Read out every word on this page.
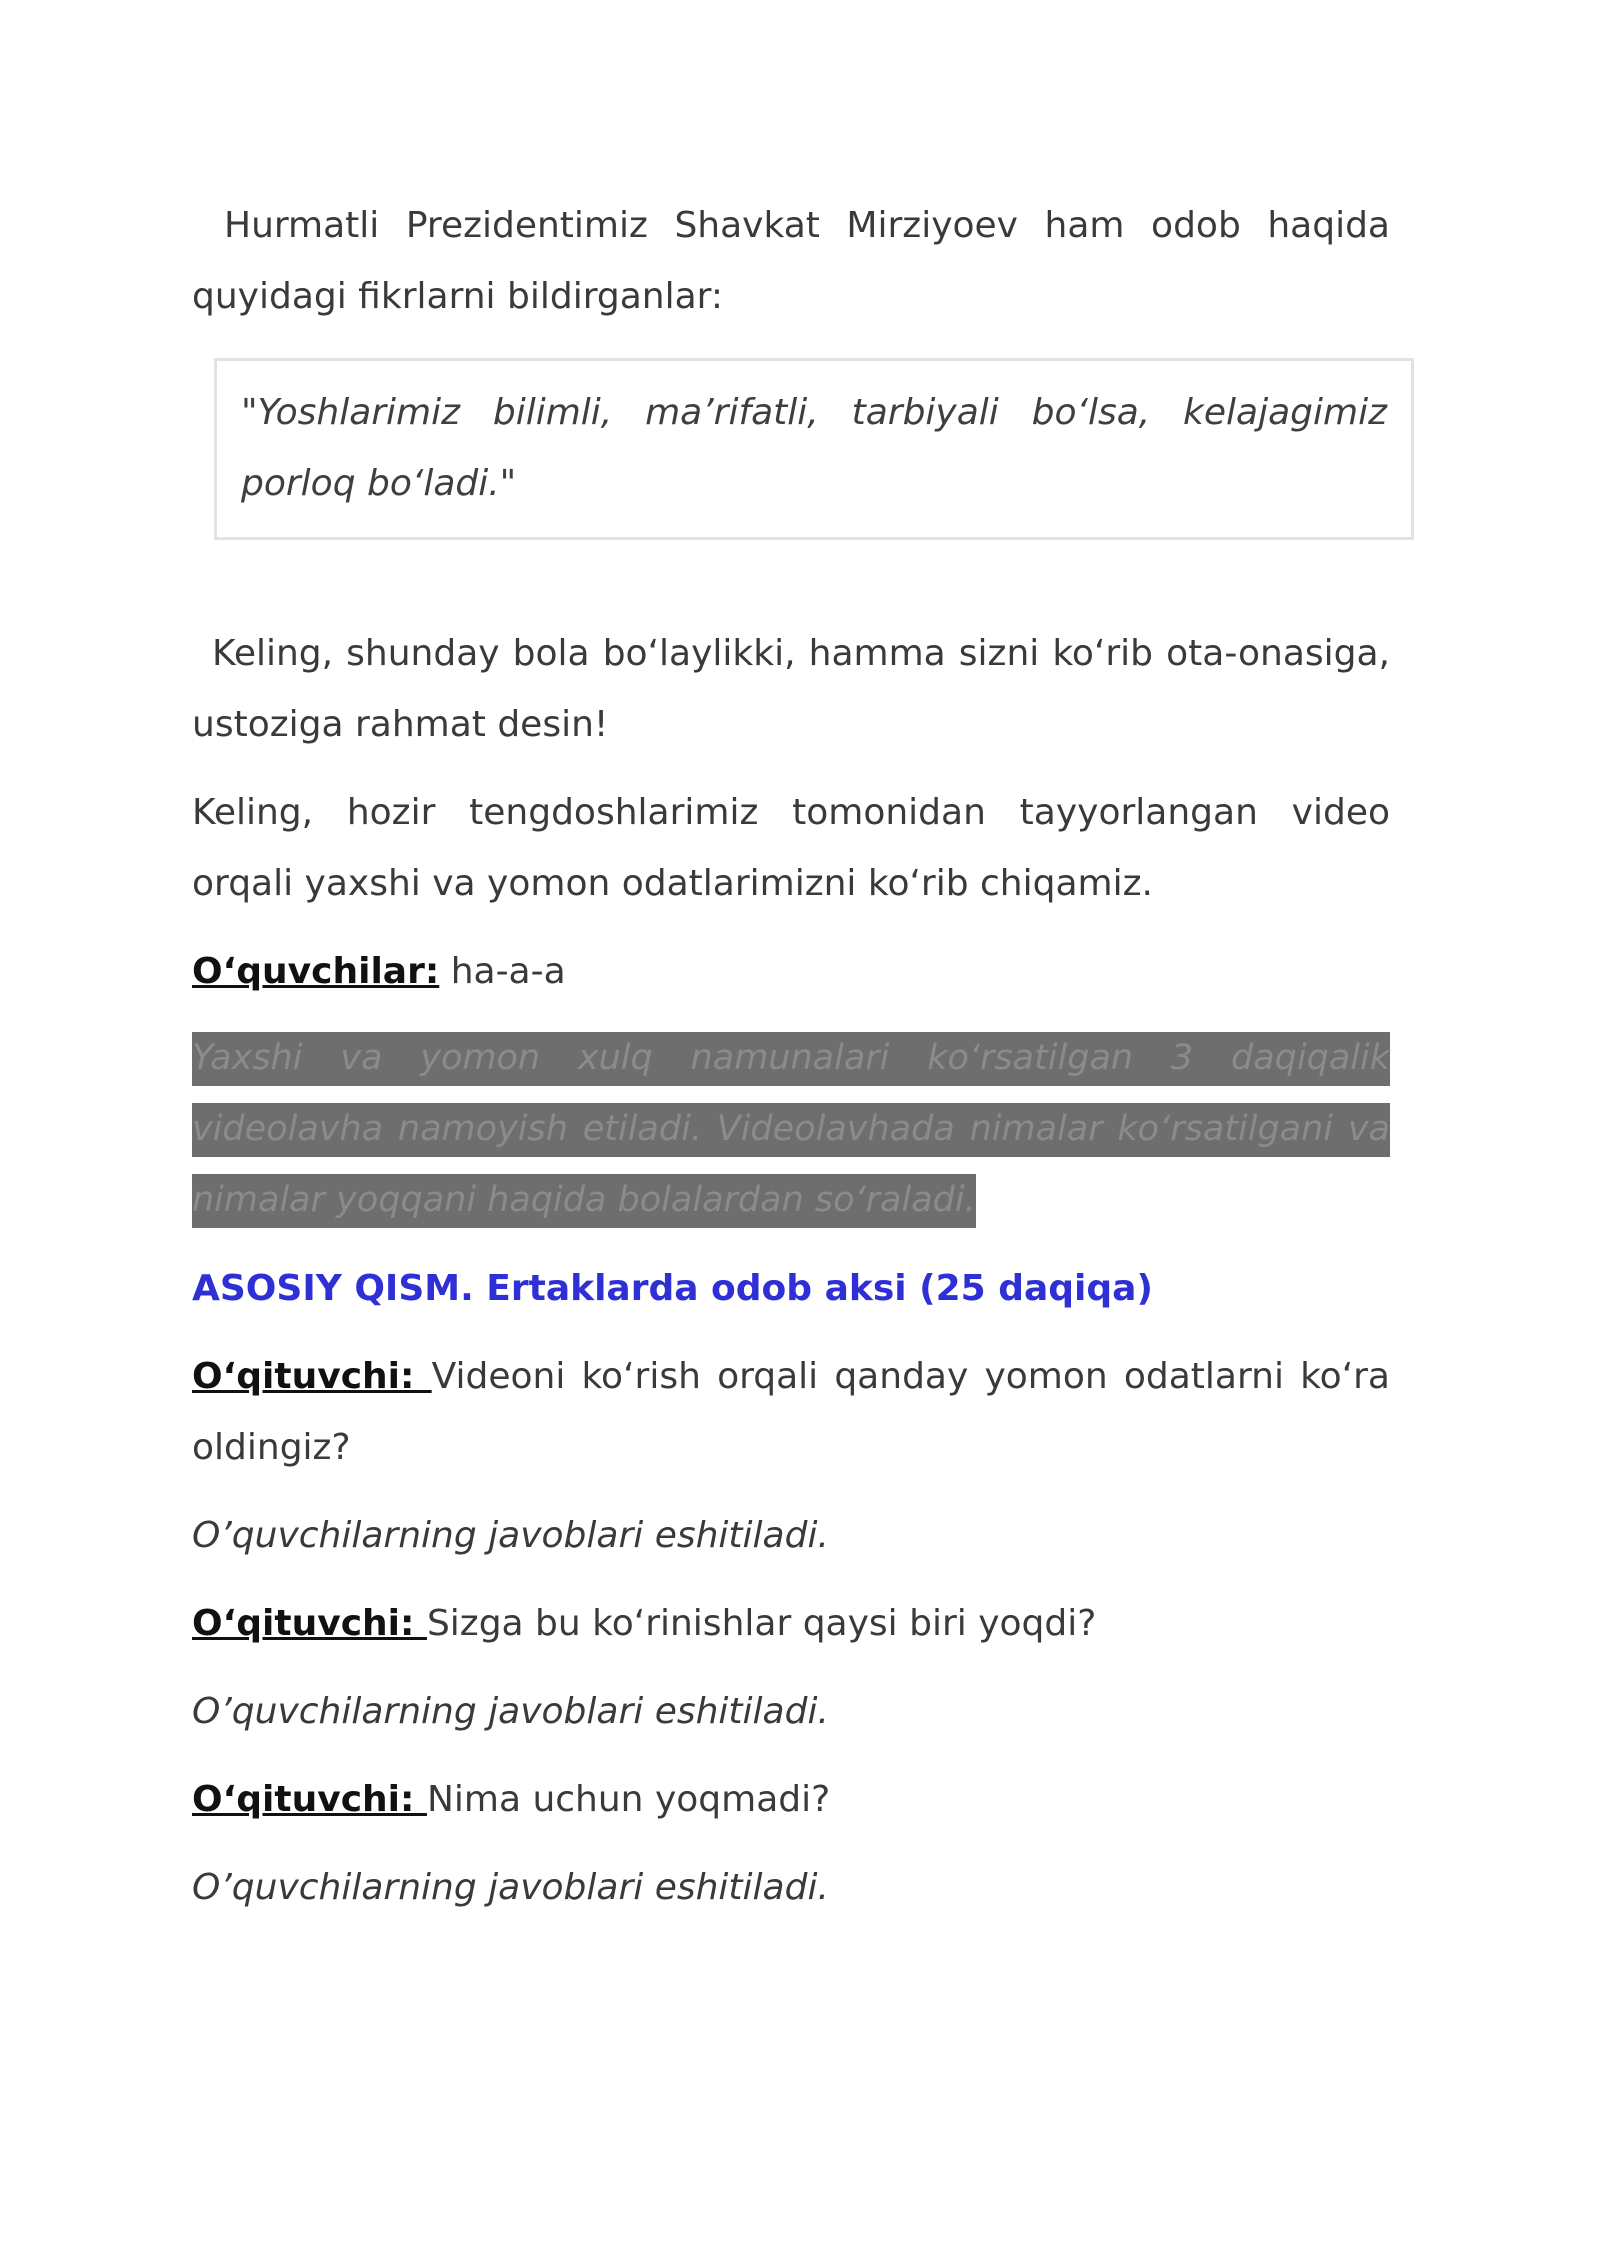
Hurmatli Prezidentimiz Shavkat Mirziyoev ham odob haqida quyidagi fikrlarni bildirganlar:

"Yoshlarimiz bilimli, ma’rifatli, tarbiyali bo‘lsa, kelajagimiz porloq bo‘ladi."

Keling, shunday bola bo‘laylikki, hamma sizni ko‘rib ota-onasiga, ustoziga rahmat desin!

Keling, hozir tengdoshlarimiz tomonidan tayyorlangan video orqali yaxshi va yomon odatlarimizni ko‘rib chiqamiz.

O‘quvchilar: ha-a-a

Yaxshi va yomon xulq namunalari ko‘rsatilgan 3 daqiqalik videolavha namoyish etiladi. Videolavhada nimalar ko‘rsatilgani va nimalar yoqqani haqida bolalardan so‘raladi.

ASOSIY QISM. Ertaklarda odob aksi (25 daqiqa)

O‘qituvchi: Videoni ko‘rish orqali qanday yomon odatlarni ko‘ra oldingiz?

O’quvchilarning javoblari eshitiladi.

O‘qituvchi: Sizga bu ko‘rinishlar qaysi biri yoqdi?

O’quvchilarning javoblari eshitiladi.

O‘qituvchi: Nima uchun yoqmadi?

O’quvchilarning javoblari eshitiladi.
